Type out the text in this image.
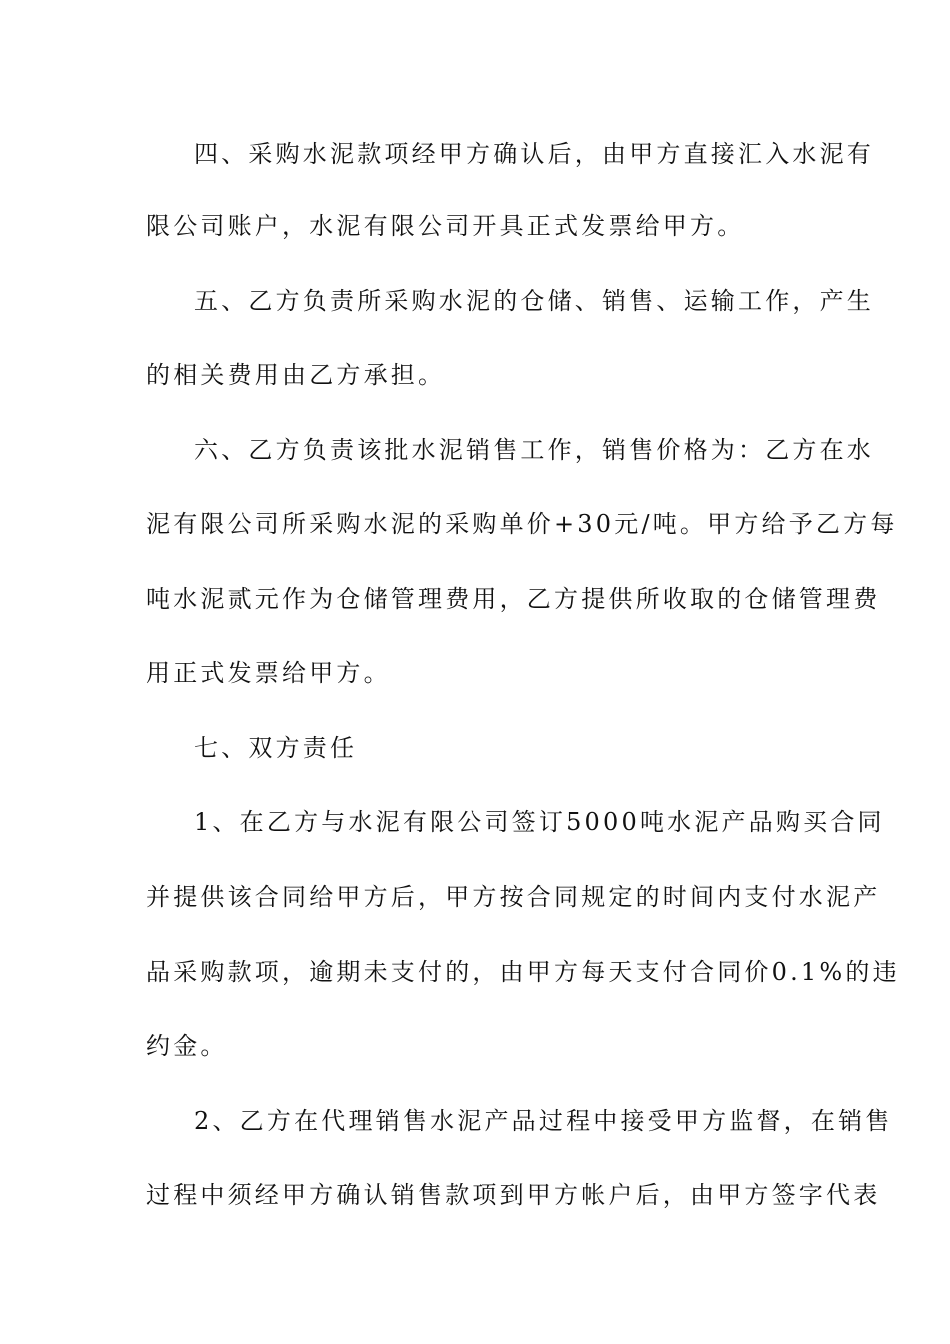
四、采购水泥款项经甲方确认后，由甲方直接汇入水泥有
限公司账户，水泥有限公司开具正式发票给甲方。
五、乙方负责所采购水泥的仓储、销售、运输工作，产生
的相关费用由乙方承担。
六、乙方负责该批水泥销售工作，销售价格为：乙方在水
泥有限公司所采购水泥的采购单价+30元/吨。甲方给予乙方每
吨水泥贰元作为仓储管理费用，乙方提供所收取的仓储管理费
用正式发票给甲方。
七、双方责任
1、在乙方与水泥有限公司签订5000吨水泥产品购买合同
并提供该合同给甲方后，甲方按合同规定的时间内支付水泥产
品采购款项，逾期未支付的，由甲方每天支付合同价0.1%的违
约金。
2、乙方在代理销售水泥产品过程中接受甲方监督，在销售
过程中须经甲方确认销售款项到甲方帐户后，由甲方签字代表
